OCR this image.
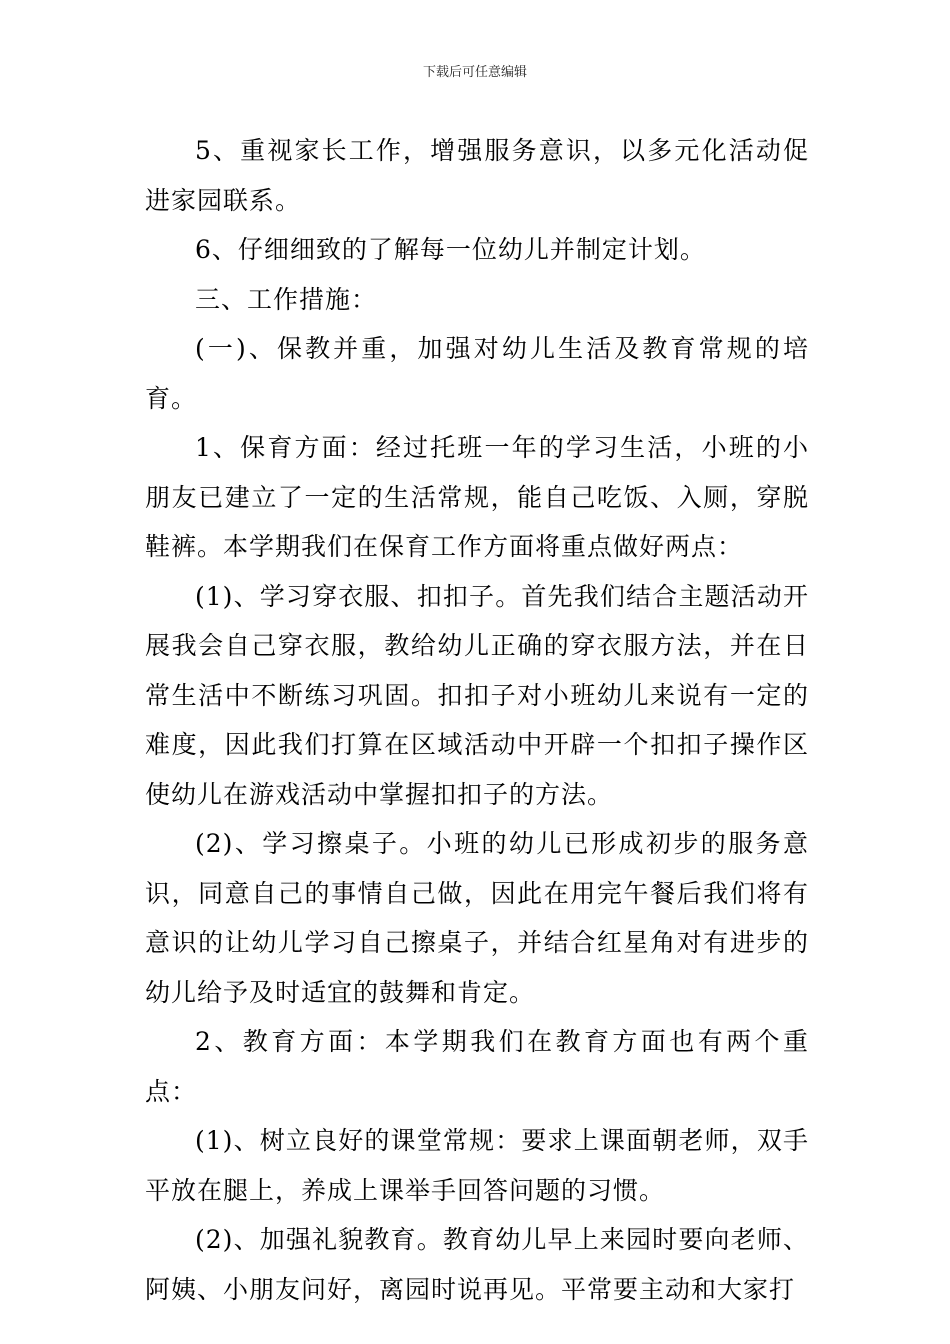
下载后可任意编辑

5、重视家长工作，增强服务意识，以多元化活动促进家园联系。

6、仔细细致的了解每一位幼儿并制定计划。

三、工作措施：

(一)、保教并重，加强对幼儿生活及教育常规的培育。

1、保育方面：经过托班一年的学习生活，小班的小朋友已建立了一定的生活常规，能自己吃饭、入厕，穿脱鞋裤。本学期我们在保育工作方面将重点做好两点：

(1)、学习穿衣服、扣扣子。首先我们结合主题活动开展我会自己穿衣服，教给幼儿正确的穿衣服方法，并在日常生活中不断练习巩固。扣扣子对小班幼儿来说有一定的难度，因此我们打算在区域活动中开辟一个扣扣子操作区使幼儿在游戏活动中掌握扣扣子的方法。

(2)、学习擦桌子。小班的幼儿已形成初步的服务意识，同意自己的事情自己做，因此在用完午餐后我们将有意识的让幼儿学习自己擦桌子，并结合红星角对有进步的幼儿给予及时适宜的鼓舞和肯定。

2、教育方面：本学期我们在教育方面也有两个重点：

(1)、树立良好的课堂常规：要求上课面朝老师，双手平放在腿上，养成上课举手回答问题的习惯。

(2)、加强礼貌教育。教育幼儿早上来园时要向老师、阿姨、小朋友问好，离园时说再见。平常要主动和大家打
